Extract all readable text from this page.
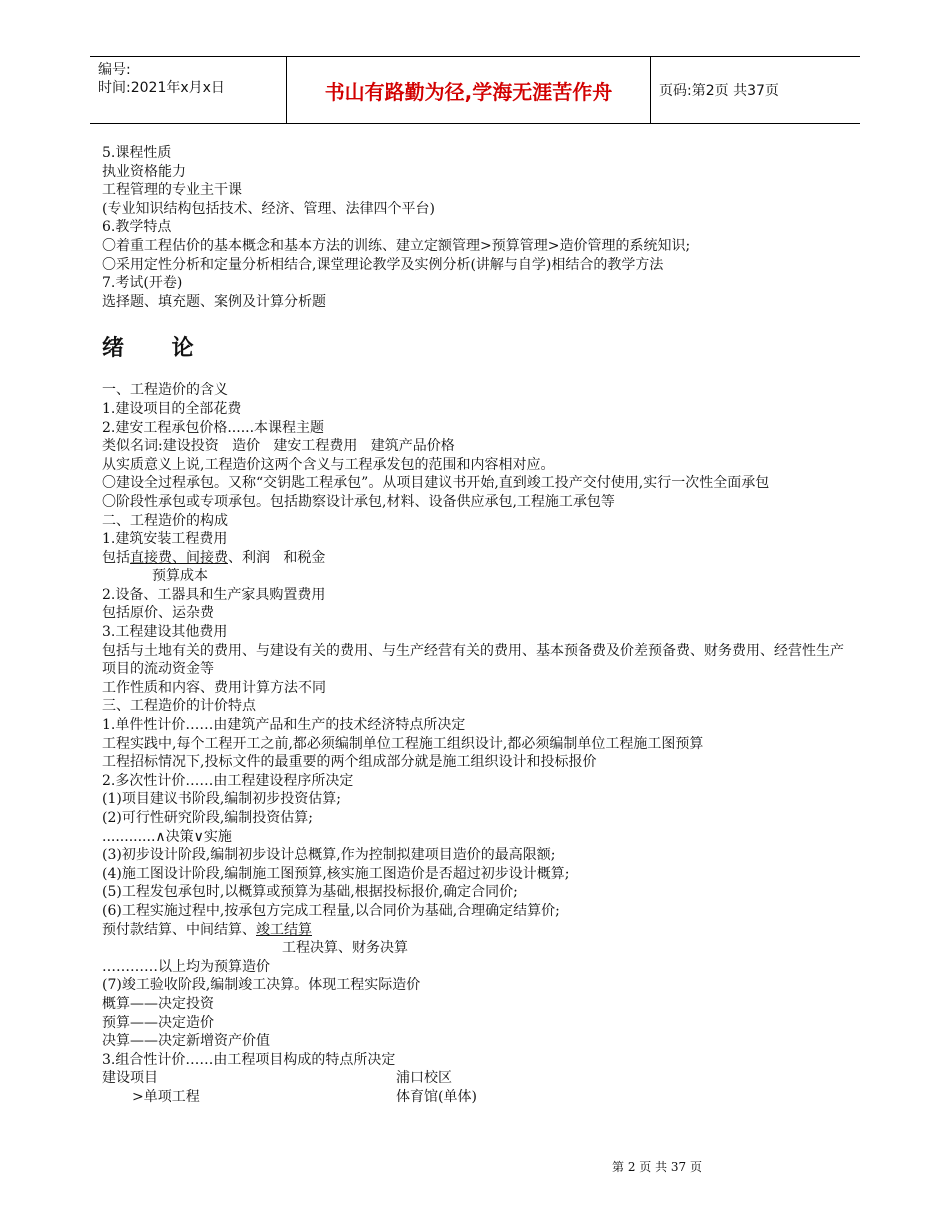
编号:
时间:2021年x月x日	书山有路勤为径,学海无涯苦作舟	页码:第2页 共37页

5.课程性质

执业资格能力

工程管理的专业主干课

(专业知识结构包括技术、经济、管理、法律四个平台)

6.教学特点

〇着重工程估价的基本概念和基本方法的训练、建立定额管理>预算管理>造价管理的系统知识;

〇采用定性分析和定量分析相结合,课堂理论教学及实例分析(讲解与自学)相结合的教学方法

7.考试(开卷)

选择题、填充题、案例及计算分析题

绪 论

一、工程造价的含义

1.建设项目的全部花费

2.建安工程承包价格......本课程主题

类似名词:建设投资   造价   建安工程费用   建筑产品价格

从实质意义上说,工程造价这两个含义与工程承发包的范围和内容相对应。

〇建设全过程承包。又称“交钥匙工程承包”。从项目建议书开始,直到竣工投产交付使用,实行一次性全面承包

〇阶段性承包或专项承包。包括勘察设计承包,材料、设备供应承包,工程施工承包等

二、工程造价的构成

1.建筑安装工程费用

包括直接费、间接费、利润   和税金

预算成本

2.设备、工器具和生产家具购置费用

包括原价、运杂费

3.工程建设其他费用

包括与土地有关的费用、与建设有关的费用、与生产经营有关的费用、基本预备费及价差预备费、财务费用、经营性生产项目的流动资金等

工作性质和内容、费用计算方法不同

三、工程造价的计价特点

1.单件性计价……由建筑产品和生产的技术经济特点所决定

工程实践中,每个工程开工之前,都必须编制单位工程施工组织设计,都必须编制单位工程施工图预算

工程招标情况下,投标文件的最重要的两个组成部分就是施工组织设计和投标报价

2.多次性计价……由工程建设程序所决定

(1)项目建议书阶段,编制初步投资估算;

(2)可行性研究阶段,编制投资估算;

............∧决策∨实施

(3)初步设计阶段,编制初步设计总概算,作为控制拟建项目造价的最高限额;

(4)施工图设计阶段,编制施工图预算,核实施工图造价是否超过初步设计概算;

(5)工程发包承包时,以概算或预算为基础,根据投标报价,确定合同价;

(6)工程实施过程中,按承包方完成工程量,以合同价为基础,合理确定结算价;

预付款结算、中间结算、竣工结算

工程决算、财务决算

…………以上均为预算造价

(7)竣工验收阶段,编制竣工决算。体现工程实际造价

概算——决定投资

预算——决定造价

决算——决定新增资产价值

3.组合性计价……由工程项目构成的特点所决定

建设项目	浦口校区
>单项工程	体育馆(单体)
第 2 页 共 37 页
